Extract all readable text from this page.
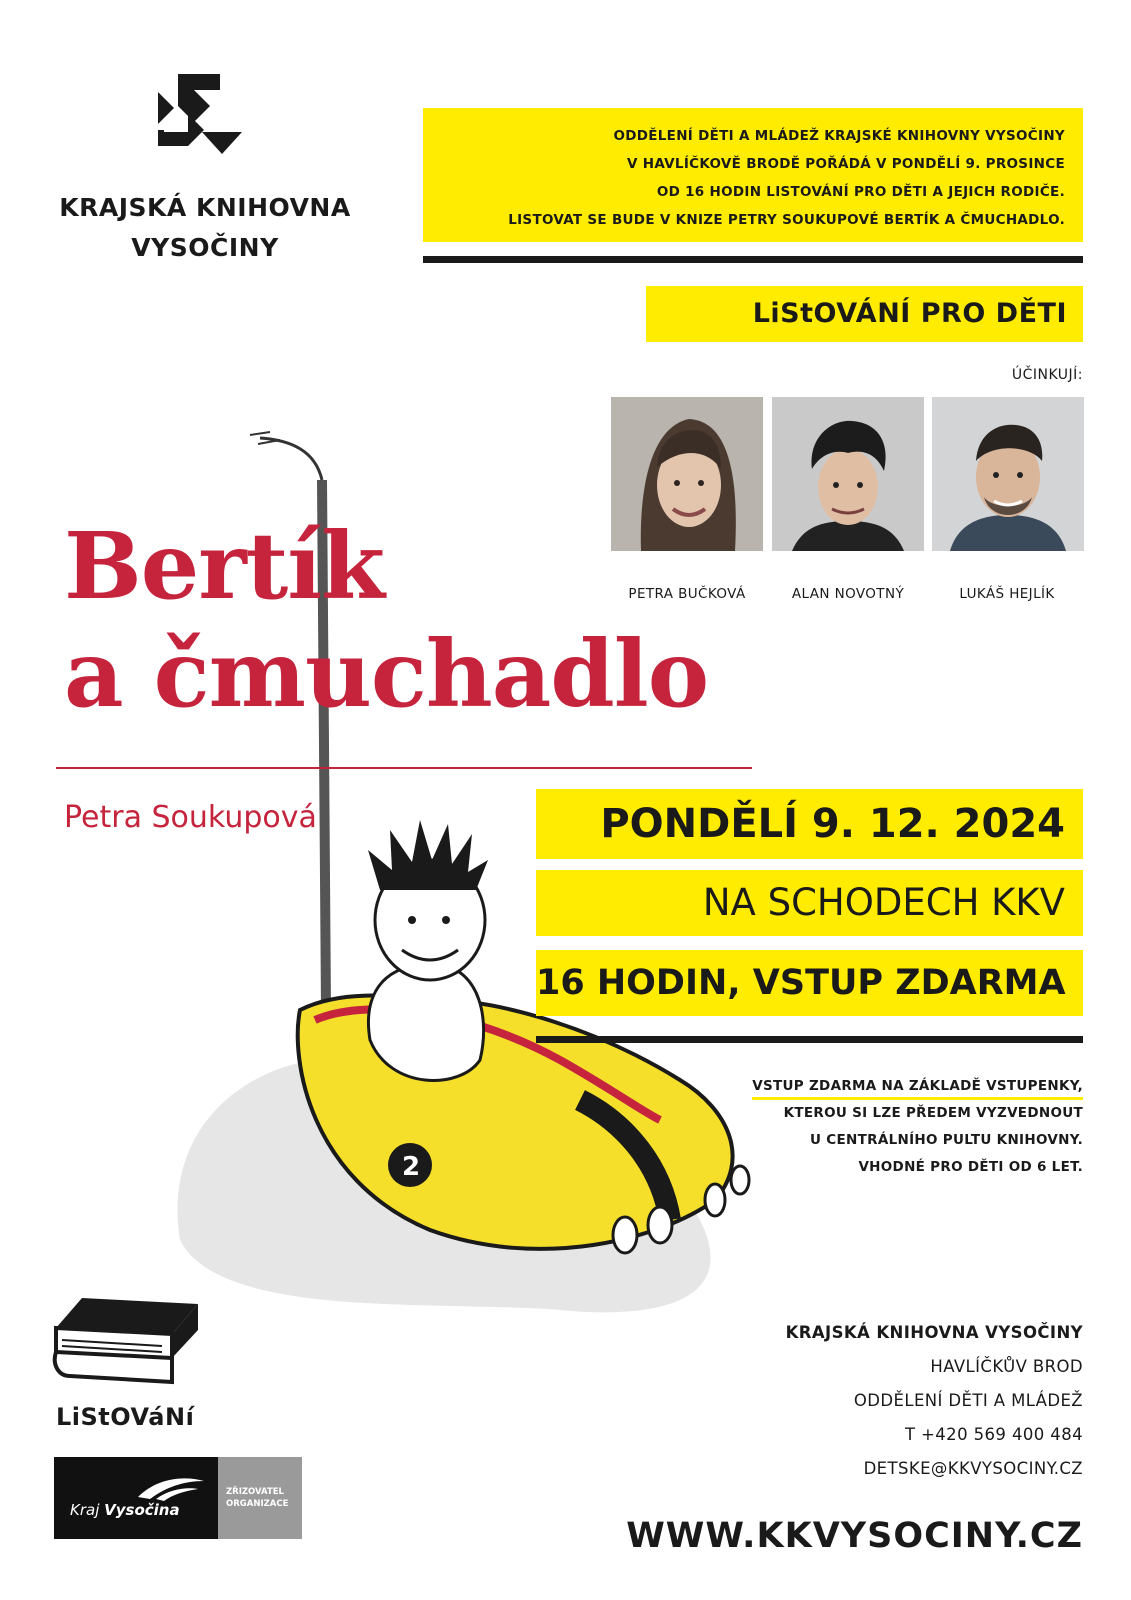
KRAJSKÁ KNIHOVNA
VYSOČINY
ODDĚLENÍ DĚTI A MLÁDEŽ KRAJSKÉ KNIHOVNY VYSOČINY
V HAVLÍČKOVĚ BRODĚ POŘÁDÁ V PONDĚLÍ 9. PROSINCE
OD 16 HODIN LISTOVÁNÍ PRO DĚTI A JEJICH RODIČE.
LISTOVAT SE BUDE V KNIZE PETRY SOUKUPOVÉ BERTÍK A ČMUCHADLO.
LiStOVÁNÍ PRO DĚTI
ÚČINKUJÍ:
PETRA BUČKOVÁ	ALAN NOVOTNÝ	LUKÁŠ HEJLÍK
2
Bertík
a čmuchadlo
Petra Soukupová	PONDĚLÍ 9. 12. 2024
NA SCHODECH KKV
16 HODIN, VSTUP ZDARMA
VSTUP ZDARMA NA ZÁKLADĚ VSTUPENKY,
KTEROU SI LZE PŘEDEM VYZVEDNOUT
U CENTRÁLNÍHO PULTU KNIHOVNY.
VHODNÉ PRO DĚTI OD 6 LET.
KRAJSKÁ KNIHOVNA VYSOČINY
HAVLÍČKŮV BROD
ODDĚLENÍ DĚTI A MLÁDEŽ
T +420 569 400 484
DETSKE@KKVYSOCINY.CZ
WWW.KKVYSOCINY.CZ
LiStOVáNí
Kraj Vysočina
ZŘIZOVATEL
ORGANIZACE
